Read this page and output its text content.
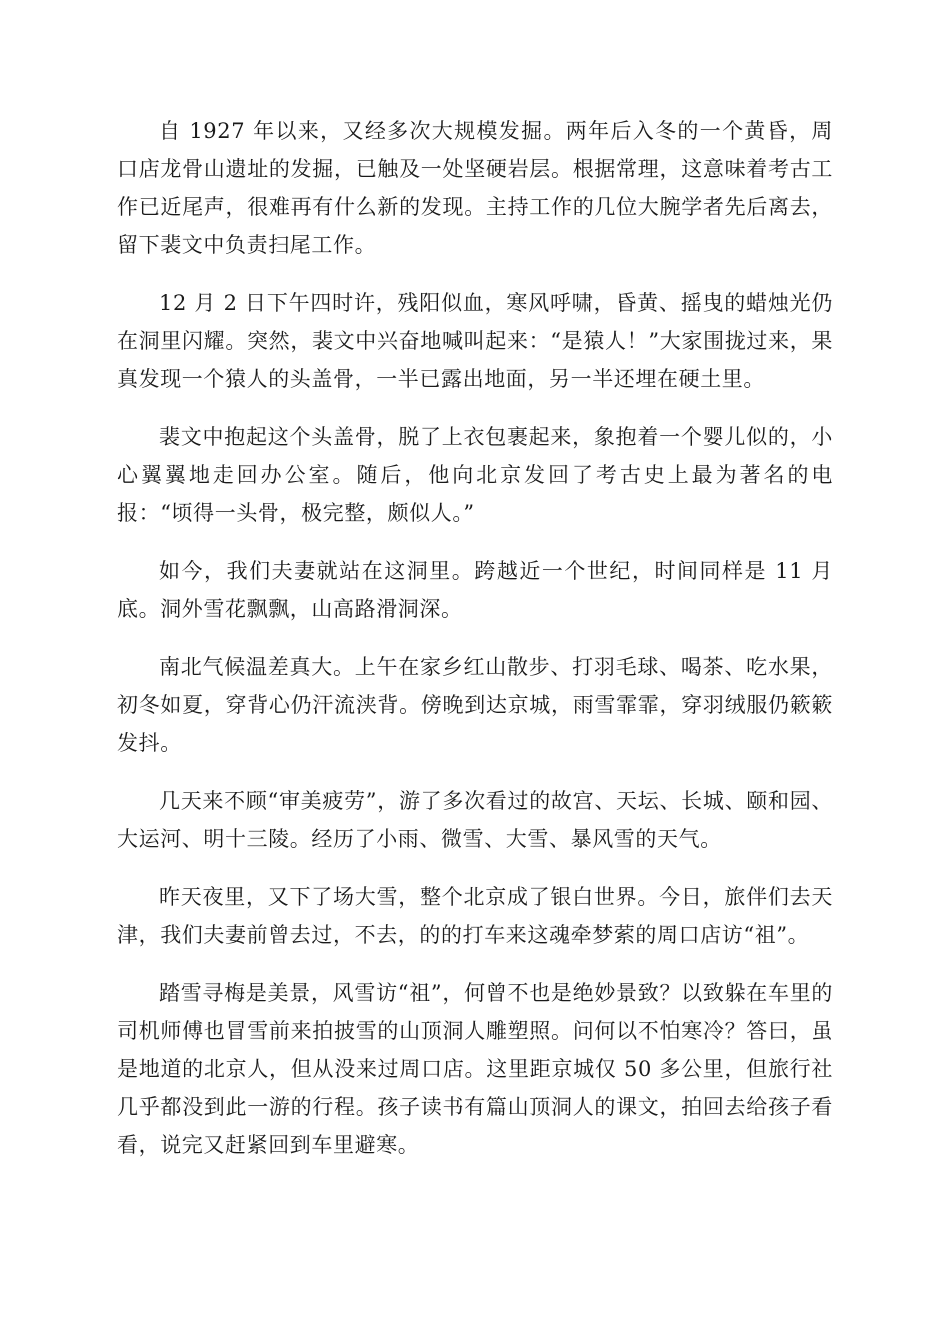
自 1927 年以来，又经多次大规模发掘。两年后入冬的一个黄昏，周口店龙骨山遗址的发掘，已触及一处坚硬岩层。根据常理，这意味着考古工作已近尾声，很难再有什么新的发现。主持工作的几位大腕学者先后离去，留下裴文中负责扫尾工作。

12 月 2 日下午四时许，残阳似血，寒风呼啸，昏黄、摇曳的蜡烛光仍在洞里闪耀。突然，裴文中兴奋地喊叫起来：“是猿人！”大家围拢过来，果真发现一个猿人的头盖骨，一半已露出地面，另一半还埋在硬土里。

裴文中抱起这个头盖骨，脱了上衣包裹起来，象抱着一个婴儿似的，小心翼翼地走回办公室。随后，他向北京发回了考古史上最为著名的电报：“顷得一头骨，极完整，颇似人。”

如今，我们夫妻就站在这洞里。跨越近一个世纪，时间同样是 11 月底。洞外雪花飘飘，山高路滑洞深。

南北气候温差真大。上午在家乡红山散步、打羽毛球、喝茶、吃水果，初冬如夏，穿背心仍汗流浃背。傍晚到达京城，雨雪霏霏，穿羽绒服仍簌簌发抖。

几天来不顾“审美疲劳”，游了多次看过的故宫、天坛、长城、颐和园、大运河、明十三陵。经历了小雨、微雪、大雪、暴风雪的天气。

昨天夜里，又下了场大雪，整个北京成了银白世界。今日，旅伴们去天津，我们夫妻前曾去过，不去，的的打车来这魂牵梦萦的周口店访“祖”。

踏雪寻梅是美景，风雪访“祖”，何曾不也是绝妙景致？以致躲在车里的司机师傅也冒雪前来拍披雪的山顶洞人雕塑照。问何以不怕寒冷？答曰，虽是地道的北京人，但从没来过周口店。这里距京城仅 50 多公里，但旅行社几乎都没到此一游的行程。孩子读书有篇山顶洞人的课文，拍回去给孩子看看，说完又赶紧回到车里避寒。
